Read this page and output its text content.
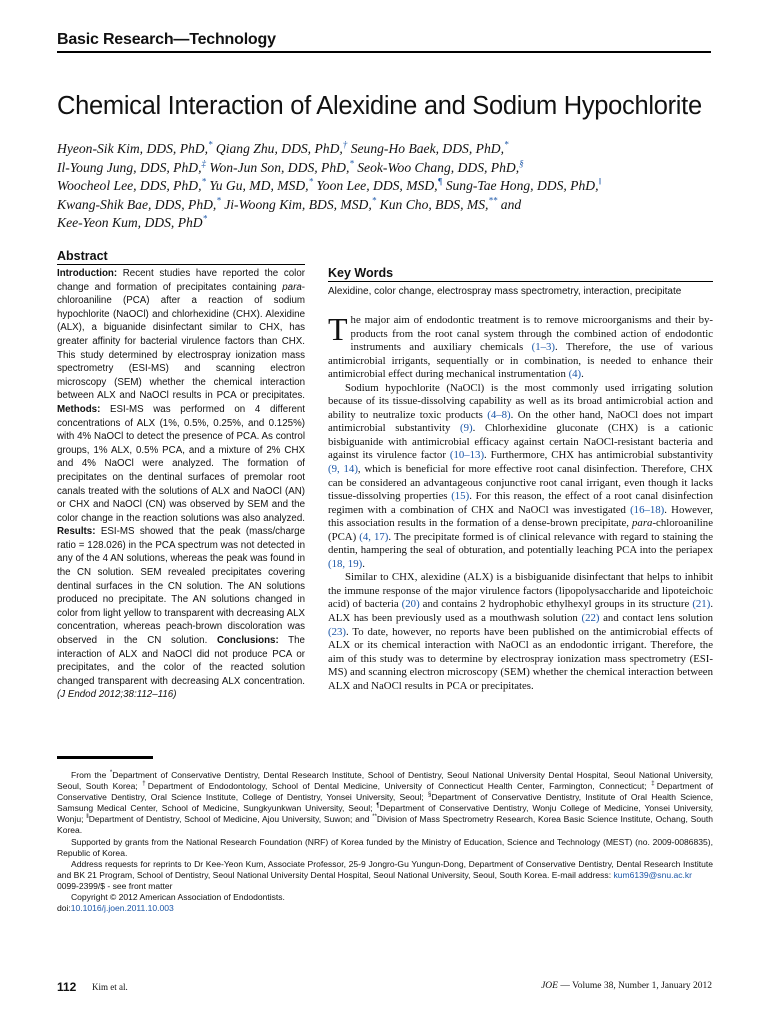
Basic Research—Technology
Chemical Interaction of Alexidine and Sodium Hypochlorite
Hyeon-Sik Kim, DDS, PhD,* Qiang Zhu, DDS, PhD,† Seung-Ho Baek, DDS, PhD,*
Il-Young Jung, DDS, PhD,‡ Won-Jun Son, DDS, PhD,* Seok-Woo Chang, DDS, PhD,§
Woocheol Lee, DDS, PhD,* Yu Gu, MD, MSD,* Yoon Lee, DDS, MSD,¶ Sung-Tae Hong, DDS, PhD,‖
Kwang-Shik Bae, DDS, PhD,* Ji-Woong Kim, BDS, MSD,* Kun Cho, BDS, MS,** and
Kee-Yeon Kum, DDS, PhD*
Abstract
Introduction: Recent studies have reported the color change and formation of precipitates containing para-chloroaniline (PCA) after a reaction of sodium hypochlorite (NaOCl) and chlorhexidine (CHX). Alexidine (ALX), a biguanide disinfectant similar to CHX, has greater affinity for bacterial virulence factors than CHX. This study determined by electrospray ionization mass spectrometry (ESI-MS) and scanning electron microscopy (SEM) whether the chemical interaction between ALX and NaOCl results in PCA or precipitates. Methods: ESI-MS was performed on 4 different concentrations of ALX (1%, 0.5%, 0.25%, and 0.125%) with 4% NaOCl to detect the presence of PCA. As control groups, 1% ALX, 0.5% PCA, and a mixture of 2% CHX and 4% NaOCl were analyzed. The formation of precipitates on the dentinal surfaces of premolar root canals treated with the solutions of ALX and NaOCl (AN) or CHX and NaOCl (CN) was observed by SEM and the color change in the reaction solutions was also analyzed. Results: ESI-MS showed that the peak (mass/charge ratio = 128.026) in the PCA spectrum was not detected in any of the 4 AN solutions, whereas the peak was found in the CN solution. SEM revealed precipitates covering dentinal surfaces in the CN solution. The AN solutions produced no precipitate. The AN solutions changed in color from light yellow to transparent with decreasing ALX concentration, whereas peach-brown discoloration was observed in the CN solution. Conclusions: The interaction of ALX and NaOCl did not produce PCA or precipitates, and the color of the reacted solution changed transparent with decreasing ALX concentration. (J Endod 2012;38:112–116)
Key Words
Alexidine, color change, electrospray mass spectrometry, interaction, precipitate

The major aim of endodontic treatment is to remove microorganisms and their by-products from the root canal system through the combined action of endodontic instruments and auxiliary chemicals (1–3). Therefore, the use of various antimicrobial irrigants, sequentially or in combination, is needed to enhance their antimicrobial effect during mechanical instrumentation (4).

Sodium hypochlorite (NaOCl) is the most commonly used irrigating solution because of its tissue-dissolving capability as well as its broad antimicrobial action and ability to neutralize toxic products (4–8). On the other hand, NaOCl does not impart antimicrobial substantivity (9). Chlorhexidine gluconate (CHX) is a cationic bisbiguanide with antimicrobial efficacy against certain NaOCl-resistant bacteria and against its virulence factor (10–13). Furthermore, CHX has antimicrobial substantivity (9, 14), which is beneficial for more effective root canal disinfection. Therefore, CHX can be considered an advantageous conjunctive root canal irrigant, even though it lacks tissue-dissolving properties (15). For this reason, the effect of a root canal disinfection regimen with a combination of CHX and NaOCl was investigated (16–18). However, this association results in the formation of a dense-brown precipitate, para-chloroaniline (PCA) (4, 17). The precipitate formed is of clinical relevance with regard to staining the dentin, hampering the seal of obturation, and potentially leaching PCA into the periapex (18, 19).

Similar to CHX, alexidine (ALX) is a bisbiguanide disinfectant that helps to inhibit the immune response of the major virulence factors (lipopolysaccharide and lipoteichoic acid) of bacteria (20) and contains 2 hydrophobic ethylhexyl groups in its structure (21). ALX has been previously used as a mouthwash solution (22) and contact lens solution (23). To date, however, no reports have been published on the antimicrobial effects of ALX or its chemical interaction with NaOCl as an endodontic irrigant. Therefore, the aim of this study was to determine by electrospray ionization mass spectrometry (ESI-MS) and scanning electron microscopy (SEM) whether the chemical interaction between ALX and NaOCl results in PCA or precipitates.

From the *Department of Conservative Dentistry, Dental Research Institute, School of Dentistry, Seoul National University Dental Hospital, Seoul National University, Seoul, South Korea; †Department of Endodontology, School of Dental Medicine, University of Connecticut Health Center, Farmington, Connecticut; ‡Department of Conservative Dentistry, Oral Science Institute, College of Dentistry, Yonsei University, Seoul; §Department of Conservative Dentistry, Institute of Oral Health Science, Samsung Medical Center, School of Medicine, Sungkyunkwan University, Seoul; ¶Department of Conservative Dentistry, Wonju College of Medicine, Yonsei University, Wonju; ‖Department of Dentistry, School of Medicine, Ajou University, Suwon; and **Division of Mass Spectrometry Research, Korea Basic Science Institute, Ochang, South Korea.

Supported by grants from the National Research Foundation (NRF) of Korea funded by the Ministry of Education, Science and Technology (MEST) (no. 2009-0086835), Republic of Korea.

Address requests for reprints to Dr Kee-Yeon Kum, Associate Professor, 25-9 Jongro-Gu Yungun-Dong, Department of Conservative Dentistry, Dental Research Institute and BK 21 Program, School of Dentistry, Seoul National University Dental Hospital, Seoul National University, Seoul, South Korea. E-mail address: kum6139@snu.ac.kr

0099-2399/$ - see front matter

Copyright © 2012 American Association of Endodontists.

doi:10.1016/j.joen.2011.10.003

112 Kim et al.	JOE — Volume 38, Number 1, January 2012
